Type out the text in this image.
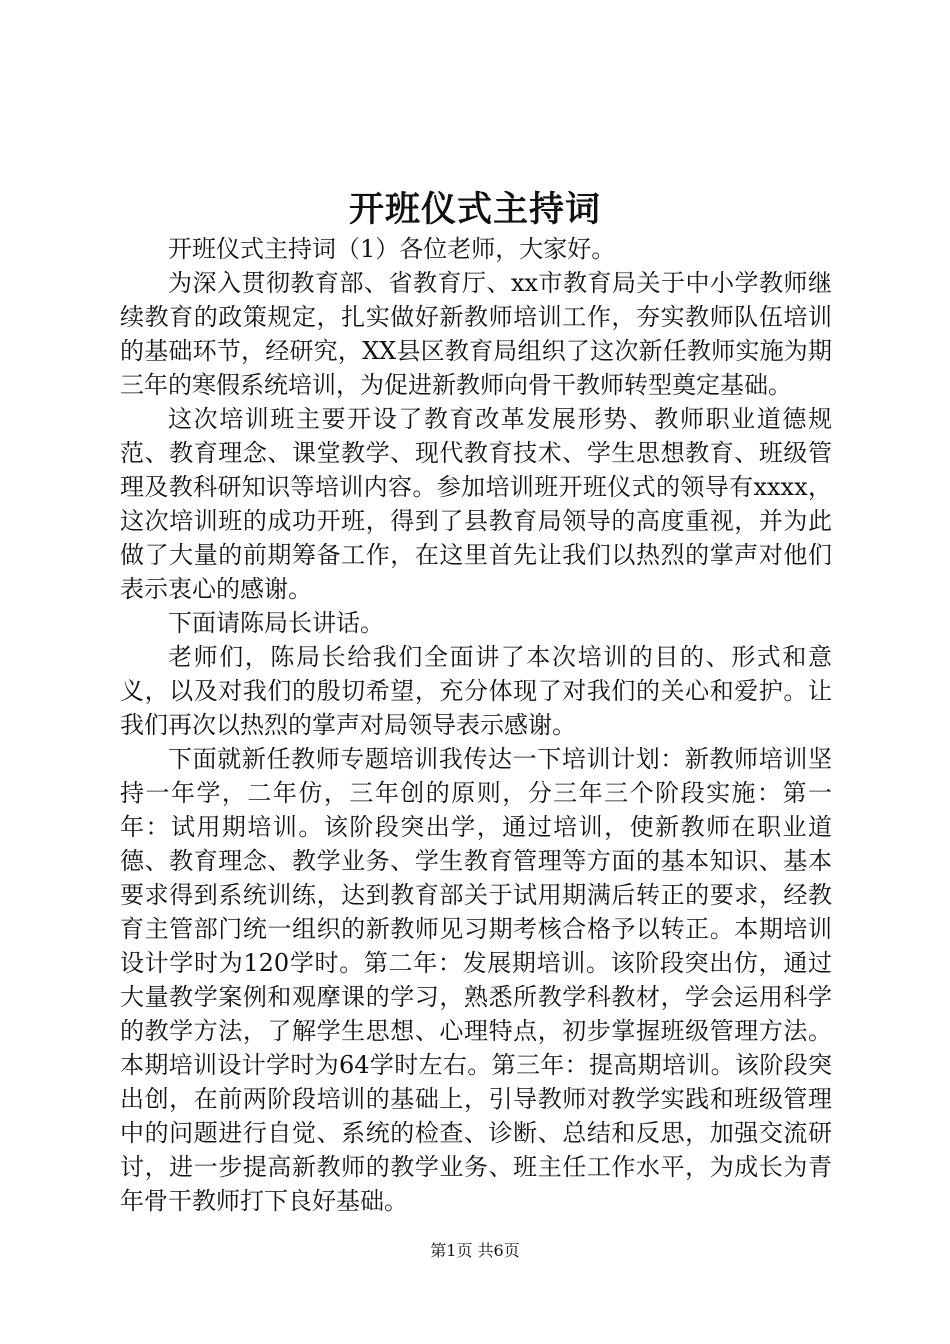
开班仪式主持词

开班仪式主持词（1）各位老师，大家好。

为深入贯彻教育部、省教育厅、xx市教育局关于中小学教师继续教育的政策规定，扎实做好新教师培训工作，夯实教师队伍培训的基础环节，经研究，XX县区教育局组织了这次新任教师实施为期三年的寒假系统培训，为促进新教师向骨干教师转型奠定基础。

这次培训班主要开设了教育改革发展形势、教师职业道德规范、教育理念、课堂教学、现代教育技术、学生思想教育、班级管理及教科研知识等培训内容。参加培训班开班仪式的领导有xxxx，这次培训班的成功开班，得到了县教育局领导的高度重视，并为此做了大量的前期筹备工作，在这里首先让我们以热烈的掌声对他们表示衷心的感谢。

下面请陈局长讲话。

老师们，陈局长给我们全面讲了本次培训的目的、形式和意义，以及对我们的殷切希望，充分体现了对我们的关心和爱护。让我们再次以热烈的掌声对局领导表示感谢。

下面就新任教师专题培训我传达一下培训计划：新教师培训坚持一年学，二年仿，三年创的原则，分三年三个阶段实施：第一年：试用期培训。该阶段突出学，通过培训，使新教师在职业道德、教育理念、教学业务、学生教育管理等方面的基本知识、基本要求得到系统训练，达到教育部关于试用期满后转正的要求，经教育主管部门统一组织的新教师见习期考核合格予以转正。本期培训设计学时为120学时。第二年：发展期培训。该阶段突出仿，通过大量教学案例和观摩课的学习，熟悉所教学科教材，学会运用科学的教学方法，了解学生思想、心理特点，初步掌握班级管理方法。本期培训设计学时为64学时左右。第三年：提高期培训。该阶段突出创，在前两阶段培训的基础上，引导教师对教学实践和班级管理中的问题进行自觉、系统的检查、诊断、总结和反思，加强交流研讨，进一步提高新教师的教学业务、班主任工作水平，为成长为青年骨干教师打下良好基础。

第1页 共6页
